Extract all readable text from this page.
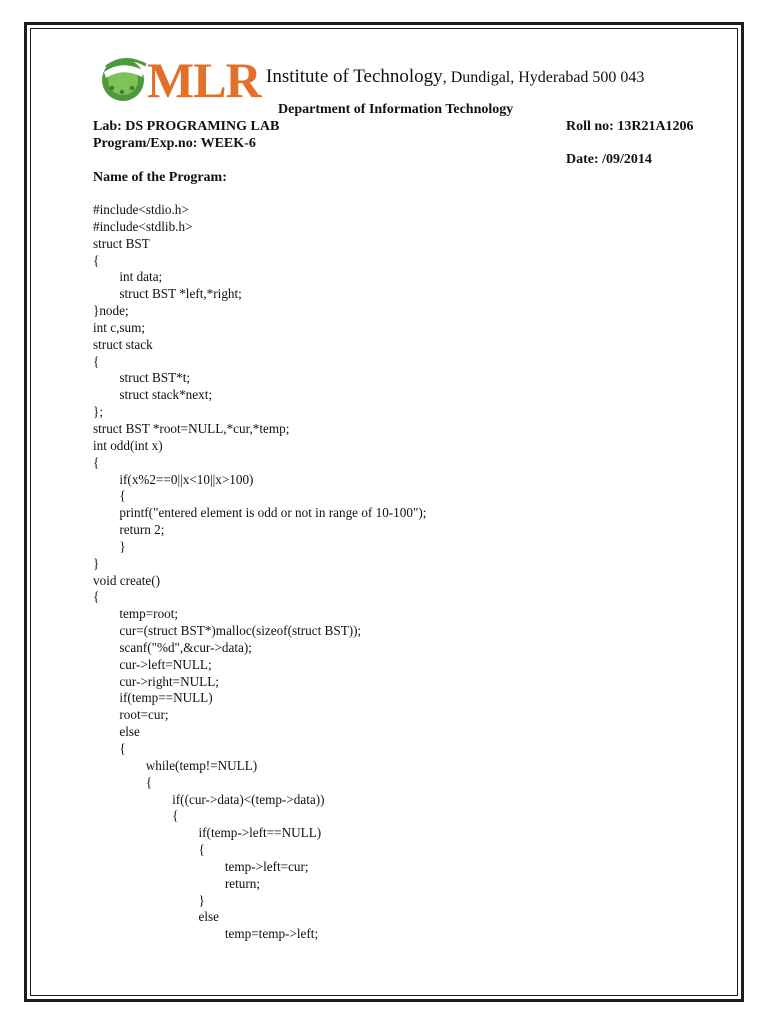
MLR Institute of Technology, Dundigal, Hyderabad 500 043
Department of Information Technology
Lab: DS PROGRAMING LAB	Roll no: 13R21A1206
Program/Exp.no: WEEK-6
Date: /09/2014
Name of the Program:
#include<stdio.h>
#include<stdlib.h>
struct BST
{
int data;
struct BST *left,*right;
}node;
int c,sum;
struct stack
{
struct BST*t;
struct stack*next;
};
struct BST *root=NULL,*cur,*temp;
int odd(int x)
{
if(x%2==0||x<10||x>100)
{
printf("entered element is odd or not in range of 10-100");
return 2;
}
}
void create()
{
temp=root;
cur=(struct BST*)malloc(sizeof(struct BST));
scanf("%d",&cur->data);
cur->left=NULL;
cur->right=NULL;
if(temp==NULL)
root=cur;
else
{
while(temp!=NULL)
{
if((cur->data)<(temp->data))
{
if(temp->left==NULL)
{
temp->left=cur;
return;
}
else
temp=temp->left;
